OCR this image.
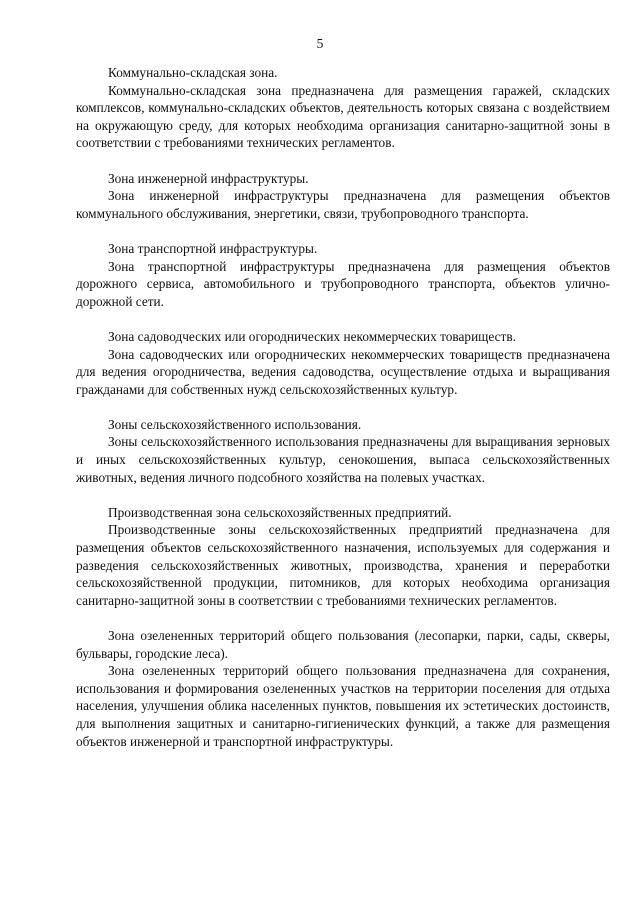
5

Коммунально-складская зона.

Коммунально-складская зона предназначена для размещения гаражей, складских комплексов, коммунально-складских объектов, деятельность которых связана с воздействием на окружающую среду, для которых необходима организация санитарно-защитной зоны в соответствии с требованиями технических регламентов.

Зона инженерной инфраструктуры.

Зона инженерной инфраструктуры предназначена для размещения объектов коммунального обслуживания, энергетики, связи, трубопроводного транспорта.

Зона транспортной инфраструктуры.

Зона транспортной инфраструктуры предназначена для размещения объектов дорожного сервиса, автомобильного и трубопроводного транспорта, объектов улично-дорожной сети.

Зона садоводческих или огороднических некоммерческих товариществ.

Зона садоводческих или огороднических некоммерческих товариществ предназначена для ведения огородничества, ведения садоводства, осуществление отдыха и выращивания гражданами для собственных нужд сельскохозяйственных культур.

Зоны сельскохозяйственного использования.

Зоны сельскохозяйственного использования предназначены для выращивания зерновых и иных сельскохозяйственных культур, сенокошения, выпаса сельскохозяйственных животных, ведения личного подсобного хозяйства на полевых участках.

Производственная зона сельскохозяйственных предприятий.

Производственные зоны сельскохозяйственных предприятий предназначена для размещения объектов сельскохозяйственного назначения, используемых для содержания и разведения сельскохозяйственных животных, производства, хранения и переработки сельскохозяйственной продукции, питомников, для которых необходима организация санитарно-защитной зоны в соответствии с требованиями технических регламентов.

Зона озелененных территорий общего пользования (лесопарки, парки, сады, скверы, бульвары, городские леса).

Зона озелененных территорий общего пользования предназначена для сохранения, использования и формирования озелененных участков на территории поселения для отдыха населения, улучшения облика населенных пунктов, повышения их эстетических достоинств, для выполнения защитных и санитарно-гигиенических функций, а также для размещения объектов инженерной и транспортной инфраструктуры.
